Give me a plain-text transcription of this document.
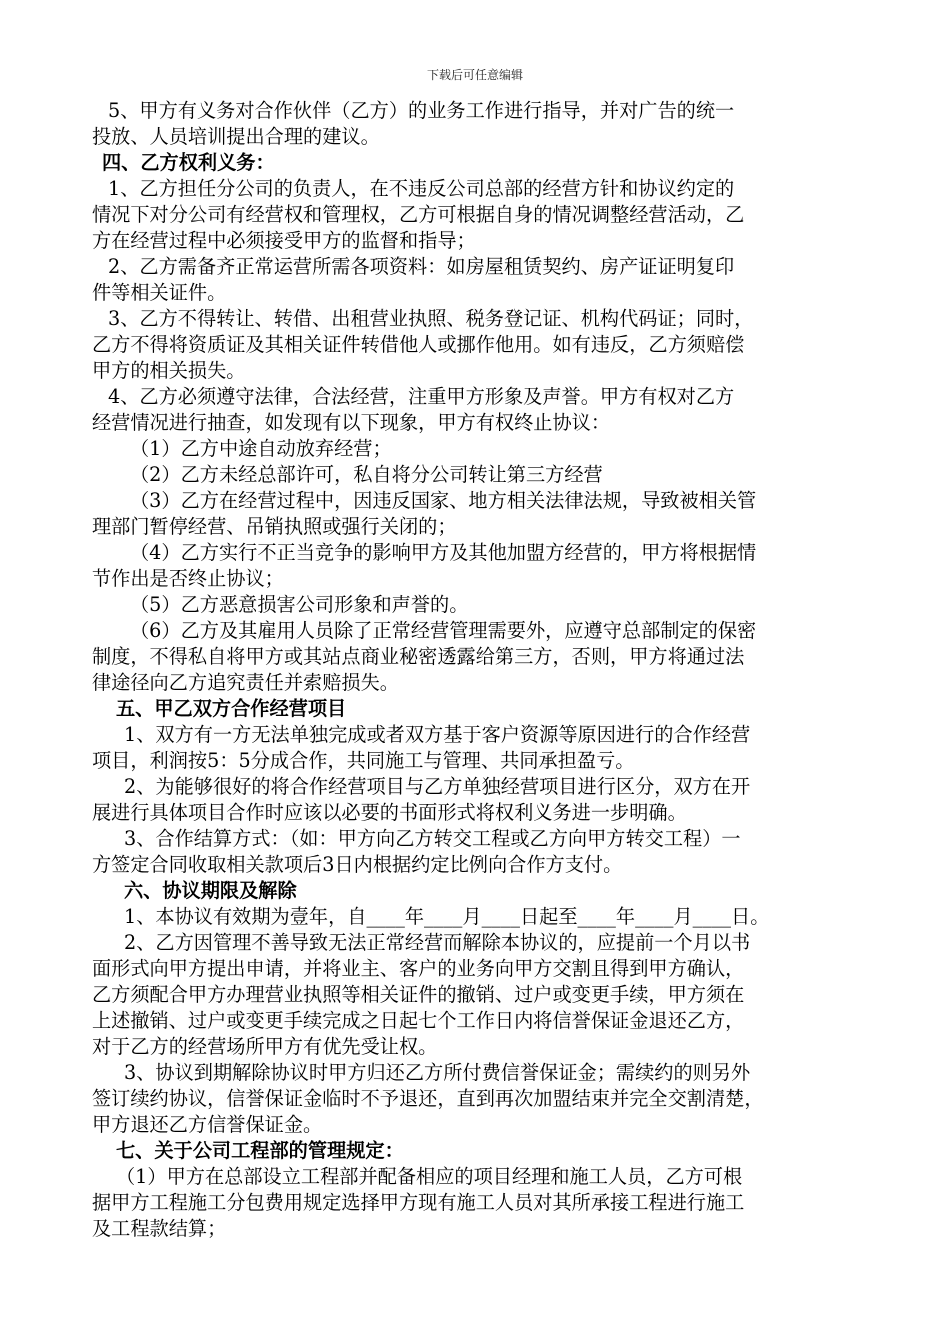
下载后可任意编辑
5、甲方有义务对合作伙伴（乙方）的业务工作进行指导，并对广告的统一
投放、人员培训提出合理的建议。
四、乙方权利义务：
1、乙方担任分公司的负责人，在不违反公司总部的经营方针和协议约定的
情况下对分公司有经营权和管理权，乙方可根据自身的情况调整经营活动，乙
方在经营过程中必须接受甲方的监督和指导；
2、乙方需备齐正常运营所需各项资料：如房屋租赁契约、房产证证明复印
件等相关证件。
3、乙方不得转让、转借、出租营业执照、税务登记证、机构代码证；同时，
乙方不得将资质证及其相关证件转借他人或挪作他用。如有违反，乙方须赔偿
甲方的相关损失。
4、乙方必须遵守法律，合法经营，注重甲方形象及声誉。甲方有权对乙方
经营情况进行抽查，如发现有以下现象，甲方有权终止协议：
（1）乙方中途自动放弃经营；
（2）乙方未经总部许可，私自将分公司转让第三方经营
（3）乙方在经营过程中，因违反国家、地方相关法律法规，导致被相关管
理部门暂停经营、吊销执照或强行关闭的；
（4）乙方实行不正当竞争的影响甲方及其他加盟方经营的，甲方将根据情
节作出是否终止协议；
（5）乙方恶意损害公司形象和声誉的。
（6）乙方及其雇用人员除了正常经营管理需要外，应遵守总部制定的保密
制度，不得私自将甲方或其站点商业秘密透露给第三方，否则，甲方将通过法
律途径向乙方追究责任并索赔损失。
五、甲乙双方合作经营项目
1、双方有一方无法单独完成或者双方基于客户资源等原因进行的合作经营
项目，利润按5：5分成合作，共同施工与管理、共同承担盈亏。
2、为能够很好的将合作经营项目与乙方单独经营项目进行区分，双方在开
展进行具体项目合作时应该以必要的书面形式将权利义务进一步明确。
3、合作结算方式：（如：甲方向乙方转交工程或乙方向甲方转交工程）一
方签定合同收取相关款项后3日内根据约定比例向合作方支付。
六、协议期限及解除
1、本协议有效期为壹年，自____年____月____日起至____年____月____日。
2、乙方因管理不善导致无法正常经营而解除本协议的，应提前一个月以书
面形式向甲方提出申请，并将业主、客户的业务向甲方交割且得到甲方确认，
乙方须配合甲方办理营业执照等相关证件的撤销、过户或变更手续，甲方须在
上述撤销、过户或变更手续完成之日起七个工作日内将信誉保证金退还乙方，
对于乙方的经营场所甲方有优先受让权。
3、协议到期解除协议时甲方归还乙方所付费信誉保证金；需续约的则另外
签订续约协议，信誉保证金临时不予退还，直到再次加盟结束并完全交割清楚，
甲方退还乙方信誉保证金。
七、关于公司工程部的管理规定：
（1）甲方在总部设立工程部并配备相应的项目经理和施工人员，乙方可根
据甲方工程施工分包费用规定选择甲方现有施工人员对其所承接工程进行施工
及工程款结算；
